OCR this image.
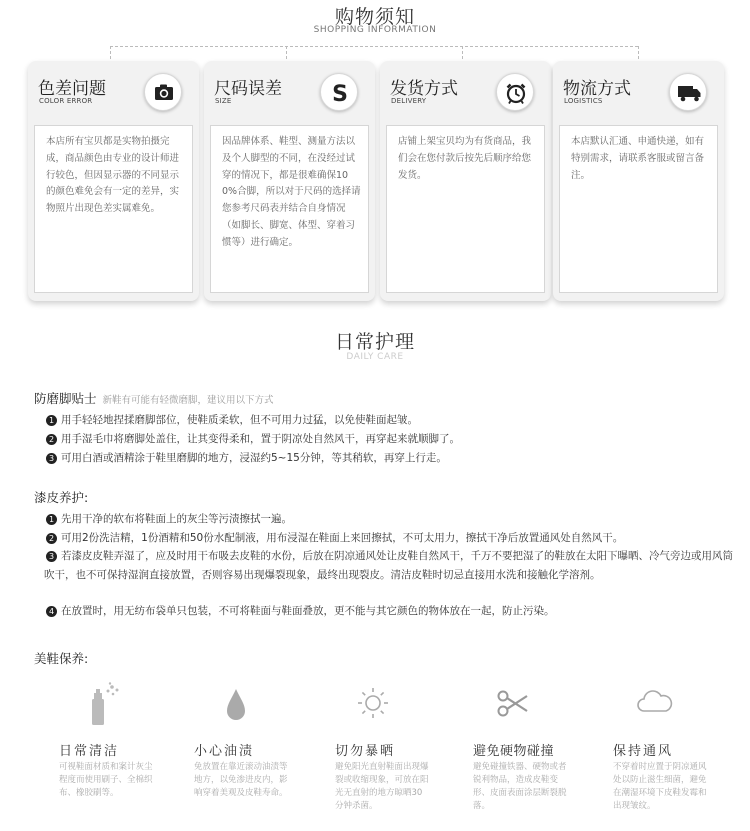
购物须知
SHOPPING INFORMATION
色差问题
COLOR ERROR
本店所有宝贝都是实物拍摄完成，商品颜色由专业的设计师进行较色，但因显示器的不同显示的颜色难免会有一定的差异，实物照片出现色差实属难免。
尺码误差
SIZE	S
因品牌体系、鞋型、测量方法以及个人脚型的不同，在没经过试穿的情况下，都是很难确保100%合脚，所以对于尺码的选择请您参考尺码表并结合自身情况（如脚长、脚宽、体型、穿着习惯等）进行确定。
发货方式
DELIVERY
店铺上架宝贝均为有货商品，我们会在您付款后按先后顺序给您发货。
物流方式
LOGISTICS
本店默认汇通、申通快递，如有特别需求，请联系客服或留言备注。
日常护理
DAILY CARE
防磨脚贴士 新鞋有可能有轻微磨脚，建议用以下方式
1 用手轻轻地捏揉磨脚部位，使鞋质柔软，但不可用力过猛，以免使鞋面起皱。
2 用手湿毛巾将磨脚处盖住，让其变得柔和，置于阴凉处自然风干，再穿起来就顺脚了。
3 可用白酒或酒精涂于鞋里磨脚的地方，浸湿约5~15分钟，等其稍软，再穿上行走。
漆皮养护:
1 先用干净的软布将鞋面上的灰尘等污渍擦拭一遍。
2 可用2份洗洁精，1份酒精和50份水配制液，用布浸湿在鞋面上来回擦拭，不可太用力，擦拭干净后放置通风处自然风干。
3 若漆皮皮鞋弄湿了，应及时用干布吸去皮鞋的水份，后放在阴凉通风处让皮鞋自然风干，千万不要把湿了的鞋放在太阳下曝晒、冷气旁边或用风筒吹干，也不可保持湿润直接放置，否则容易出现爆裂现象，最终出现裂皮。清洁皮鞋时切忌直接用水洗和接触化学溶剂。
4 在放置时，用无纺布袋单只包装，不可将鞋面与鞋面叠放，更不能与其它颜色的物体放在一起，防止污染。
美鞋保养:
日常清洁
可视鞋面材质和案计灰尘程度而使用刷子、全棉织布、橡胶刷等。
小心油渍
免放置在靠近滚动油渍等地方，以免渗进皮内，影响穿着美观及皮鞋寿命。
切勿暴晒
避免阳光直射鞋面出现爆裂或收缩现象，可放在阳光无直射的地方晾晒30分钟杀菌。
避免硬物碰撞
避免碰撞铁器、硬物或者锐利物品，造成皮鞋变形、皮面表面涂层断裂脱落。
保持通风
不穿着时应置于阴凉通风处以防止滋生细菌，避免在潮湿环境下皮鞋发霉和出现皱纹。
